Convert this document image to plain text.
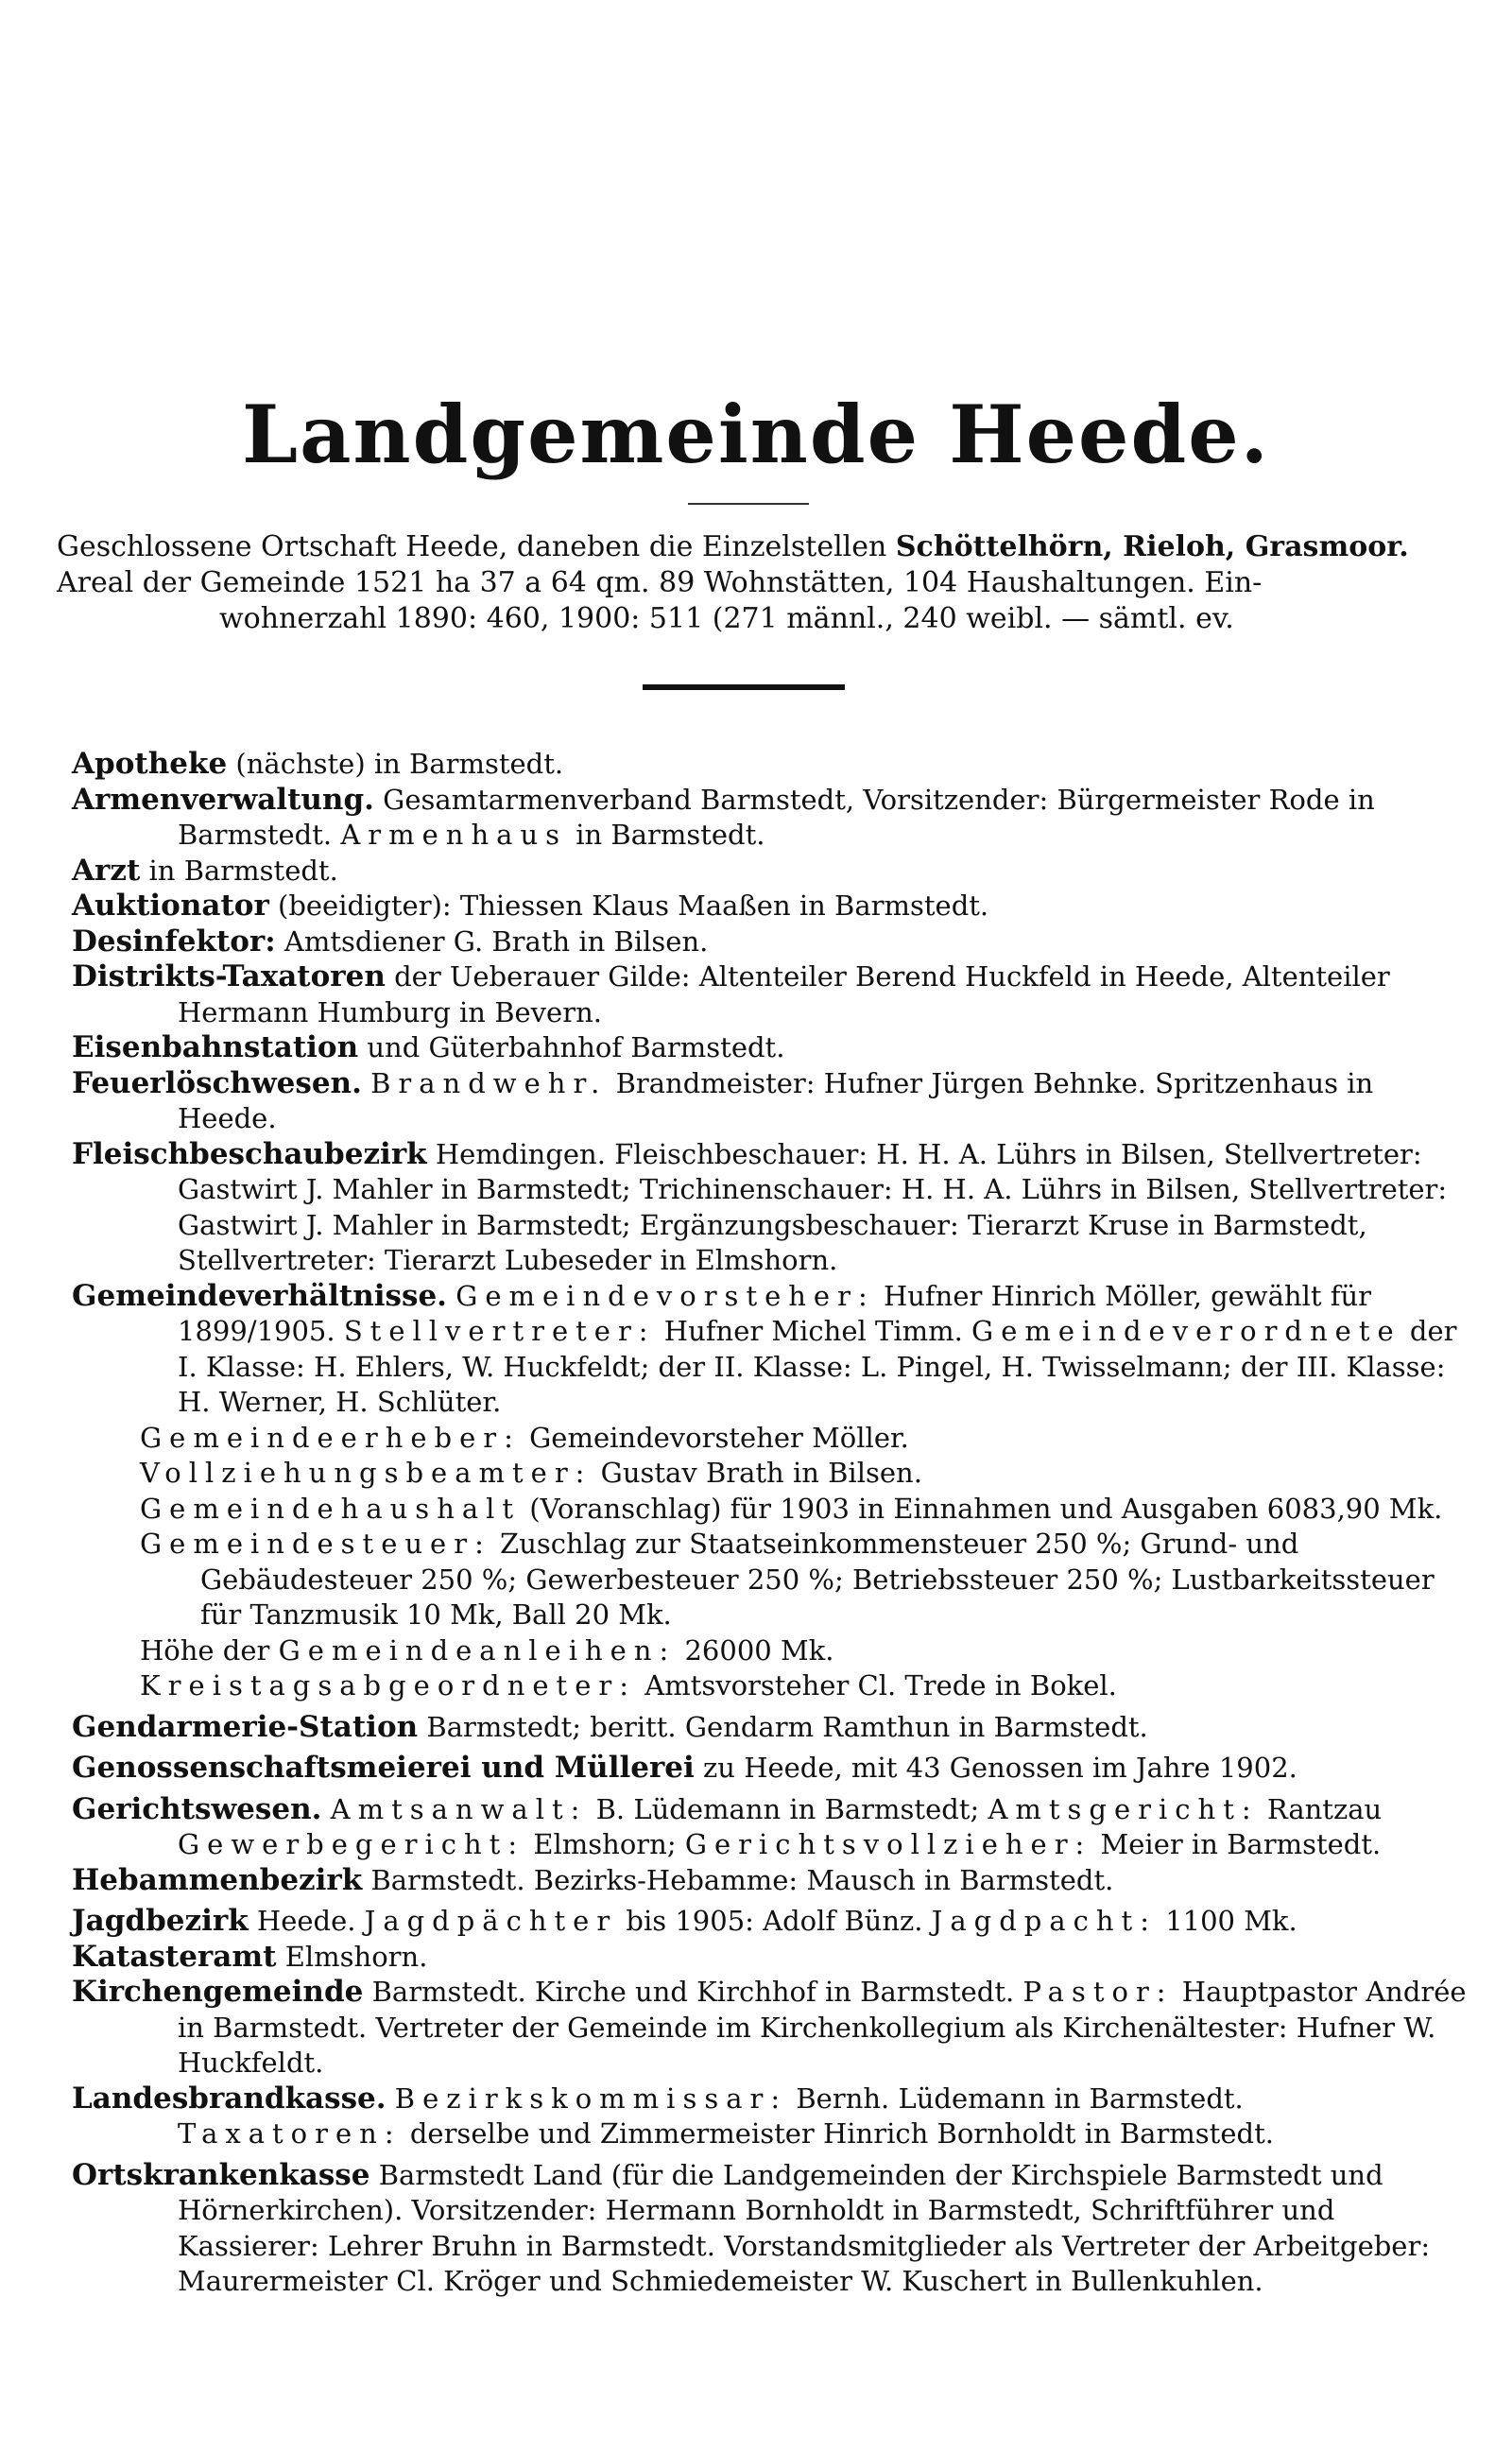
Landgemeinde Heede.

Geschlossene Ortschaft Heede, daneben die Einzelstellen Schöttelhörn, Rieloh, Grasmoor.

Areal der Gemeinde 1521 ha 37 a 64 qm. 89 Wohnstätten, 104 Haushaltungen. Ein-

wohnerzahl 1890: 460, 1900: 511 (271 männl., 240 weibl. — sämtl. ev.

Apotheke (nächste) in Barmstedt.

Armenverwaltung. Gesamtarmenverband Barmstedt, Vorsitzender: Bürgermeister Rode in Barmstedt. Armenhaus in Barmstedt.

Arzt in Barmstedt.

Auktionator (beeidigter): Thiessen Klaus Maaßen in Barmstedt.

Desinfektor: Amtsdiener G. Brath in Bilsen.

Distrikts-Taxatoren der Ueberauer Gilde: Altenteiler Berend Huckfeld in Heede, Altenteiler Hermann Humburg in Bevern.

Eisenbahnstation und Güterbahnhof Barmstedt.

Feuerlöschwesen. Brandwehr. Brandmeister: Hufner Jürgen Behnke. Spritzenhaus in Heede.

Fleischbeschaubezirk Hemdingen. Fleischbeschauer: H. H. A. Lührs in Bilsen, Stellvertreter: Gastwirt J. Mahler in Barmstedt; Trichinenschauer: H. H. A. Lührs in Bilsen, Stellvertreter: Gastwirt J. Mahler in Barmstedt; Ergänzungsbeschauer: Tierarzt Kruse in Barmstedt, Stellvertreter: Tierarzt Lubeseder in Elmshorn.

Gemeindeverhältnisse. Gemeindevorsteher: Hufner Hinrich Möller, gewählt für 1899/1905. Stellvertreter: Hufner Michel Timm. Gemeindeverordnete der I. Klasse: H. Ehlers, W. Huckfeldt; der II. Klasse: L. Pingel, H. Twisselmann; der III. Klasse: H. Werner, H. Schlüter.

Gemeindeerheber: Gemeindevorsteher Möller.

Vollziehungsbeamter: Gustav Brath in Bilsen.

Gemeindehaushalt (Voranschlag) für 1903 in Einnahmen und Ausgaben 6083,90 Mk.

Gemeindesteuer: Zuschlag zur Staatseinkommensteuer 250 %; Grund- und Gebäudesteuer 250 %; Gewerbesteuer 250 %; Betriebssteuer 250 %; Lustbarkeitssteuer für Tanzmusik 10 Mk, Ball 20 Mk.

Höhe der Gemeindeanleihen: 26000 Mk.

Kreistagsabgeordneter: Amtsvorsteher Cl. Trede in Bokel.

Gendarmerie-Station Barmstedt; beritt. Gendarm Ramthun in Barmstedt.

Genossenschaftsmeierei und Müllerei zu Heede, mit 43 Genossen im Jahre 1902.

Gerichtswesen. Amtsanwalt: B. Lüdemann in Barmstedt; Amtsgericht: Rantzau Gewerbegericht: Elmshorn; Gerichtsvollzieher: Meier in Barmstedt.

Hebammenbezirk Barmstedt. Bezirks-Hebamme: Mausch in Barmstedt.

Jagdbezirk Heede. Jagdpächter bis 1905: Adolf Bünz. Jagdpacht: 1100 Mk.

Katasteramt Elmshorn.

Kirchengemeinde Barmstedt. Kirche und Kirchhof in Barmstedt. Pastor: Hauptpastor Andrée in Barmstedt. Vertreter der Gemeinde im Kirchenkollegium als Kirchenältester: Hufner W. Huckfeldt.

Landesbrandkasse. Bezirkskommissar: Bernh. Lüdemann in Barmstedt. Taxatoren: derselbe und Zimmermeister Hinrich Bornholdt in Barmstedt.

Ortskrankenkasse Barmstedt Land (für die Landgemeinden der Kirchspiele Barmstedt und Hörnerkirchen). Vorsitzender: Hermann Bornholdt in Barmstedt, Schriftführer und Kassierer: Lehrer Bruhn in Barmstedt. Vorstandsmitglieder als Vertreter der Arbeitgeber: Maurermeister Cl. Kröger und Schmiedemeister W. Kuschert in Bullenkuhlen.
